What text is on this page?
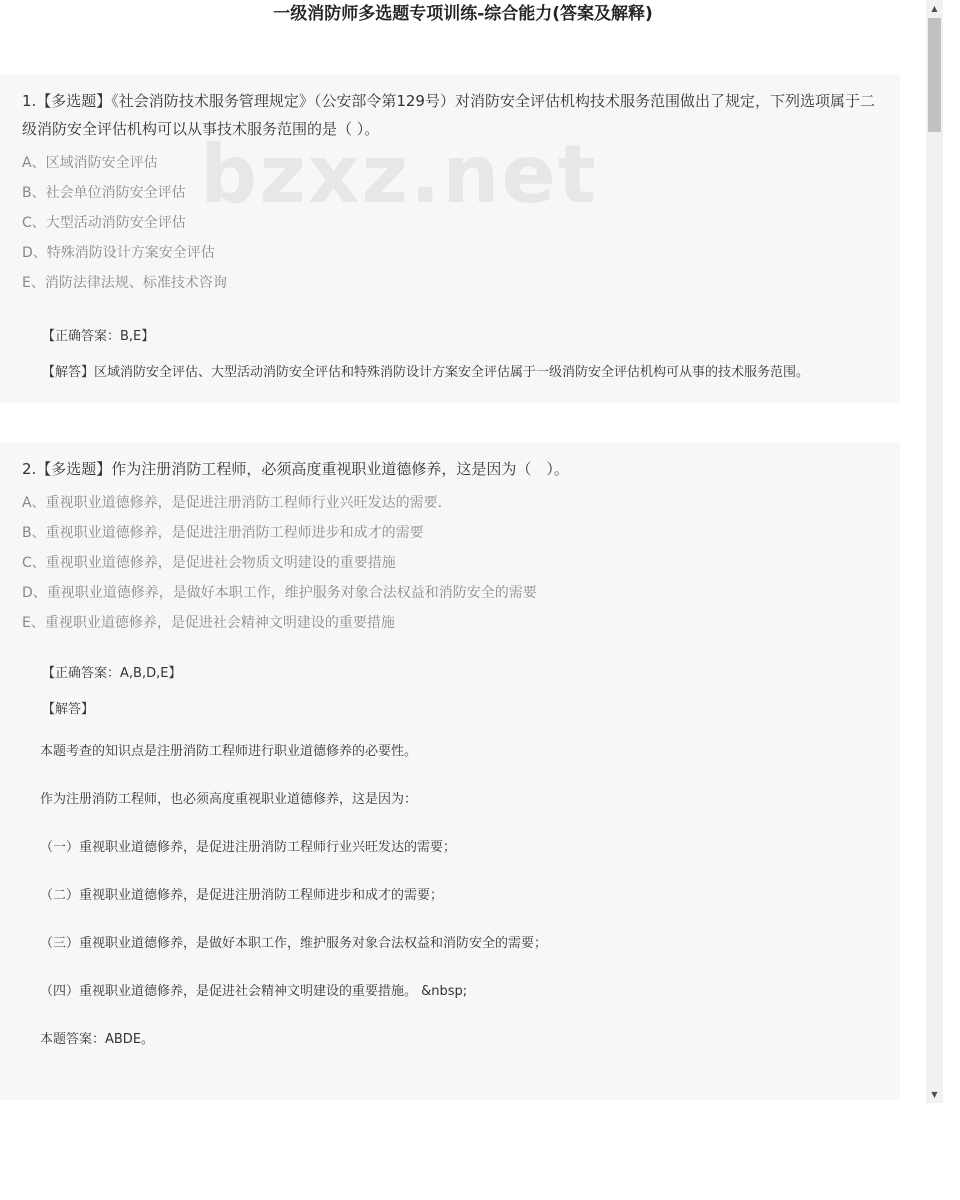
一级消防师多选题专项训练-综合能力(答案及解释)
1.【多选题】《社会消防技术服务管理规定》（公安部令第129号）对消防安全评估机构技术服务范围做出了规定，下列选项属于二级消防安全评估机构可以从事技术服务范围的是（ ）。
A、区域消防安全评估
B、社会单位消防安全评估
C、大型活动消防安全评估
D、特殊消防设计方案安全评估
E、消防法律法规、标准技术咨询
【正确答案：B,E】
【解答】区域消防安全评估、大型活动消防安全评估和特殊消防设计方案安全评估属于一级消防安全评估机构可从事的技术服务范围。
2.【多选题】作为注册消防工程师，必须高度重视职业道德修养，这是因为（　）。
A、重视职业道德修养，是促进注册消防工程师行业兴旺发达的需要.
B、重视职业道德修养，是促进注册消防工程师进步和成才的需要
C、重视职业道德修养，是促进社会物质文明建设的重要措施
D、重视职业道德修养，是做好本职工作，维护服务对象合法权益和消防安全的需要
E、重视职业道德修养，是促进社会精神文明建设的重要措施
【正确答案：A,B,D,E】
【解答】
本题考查的知识点是注册消防工程师进行职业道德修养的必要性。
作为注册消防工程师，也必须高度重视职业道德修养，这是因为：
（一）重视职业道德修养，是促进注册消防工程师行业兴旺发达的需要；
（二）重视职业道德修养，是促进注册消防工程师进步和成才的需要；
（三）重视职业道德修养，是做好本职工作，维护服务对象合法权益和消防安全的需要；
（四）重视职业道德修养，是促进社会精神文明建设的重要措施。 &nbsp;
本题答案：ABDE。
bzxz.net
▲
▼
